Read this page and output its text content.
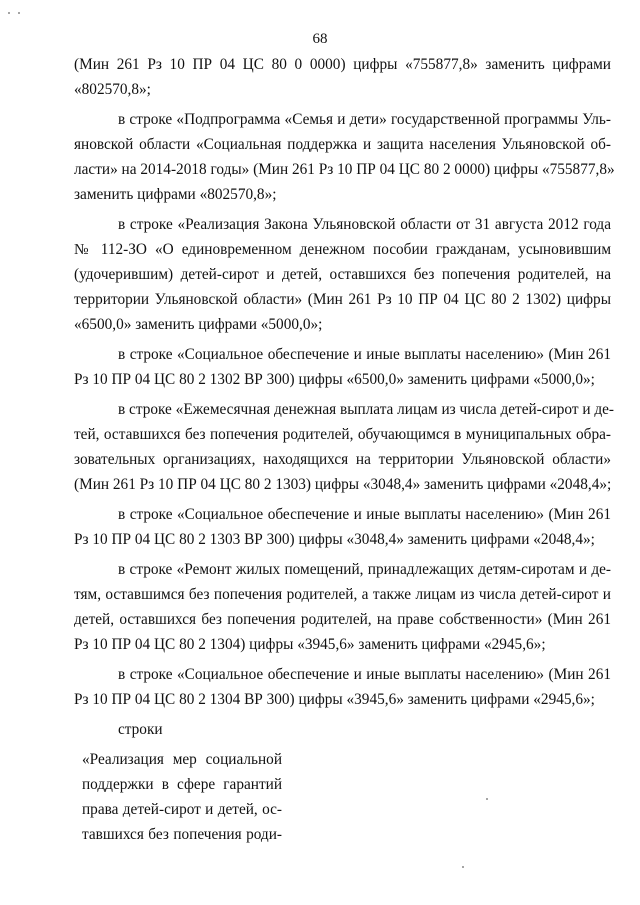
68
(Мин 261 Рз 10 ПР 04 ЦС 80 0 0000) цифры «755877,8» заменить цифрами
«802570,8»;
в строке «Подпрограмма «Семья и дети» государственной программы Уль-
яновской области «Социальная поддержка и защита населения Ульяновской об-
ласти» на 2014-2018 годы» (Мин 261 Рз 10 ПР 04 ЦС 80 2 0000) цифры «755877,8»
заменить цифрами «802570,8»;
в строке «Реализация Закона Ульяновской области от 31 августа 2012 года
№ 112-ЗО «О единовременном денежном пособии гражданам, усыновившим
(удочерившим) детей-сирот и детей, оставшихся без попечения родителей, на
территории Ульяновской области» (Мин 261 Рз 10 ПР 04 ЦС 80 2 1302) цифры
«6500,0» заменить цифрами «5000,0»;
в строке «Социальное обеспечение и иные выплаты населению» (Мин 261
Рз 10 ПР 04 ЦС 80 2 1302 ВР 300) цифры «6500,0» заменить цифрами «5000,0»;
в строке «Ежемесячная денежная выплата лицам из числа детей-сирот и де-
тей, оставшихся без попечения родителей, обучающимся в муниципальных обра-
зовательных организациях, находящихся на территории Ульяновской области»
(Мин 261 Рз 10 ПР 04 ЦС 80 2 1303) цифры «3048,4» заменить цифрами «2048,4»;
в строке «Социальное обеспечение и иные выплаты населению» (Мин 261
Рз 10 ПР 04 ЦС 80 2 1303 ВР 300) цифры «3048,4» заменить цифрами «2048,4»;
в строке «Ремонт жилых помещений, принадлежащих детям-сиротам и де-
тям, оставшимся без попечения родителей, а также лицам из числа детей-сирот и
детей, оставшихся без попечения родителей, на праве собственности» (Мин 261
Рз 10 ПР 04 ЦС 80 2 1304) цифры «3945,6» заменить цифрами «2945,6»;
в строке «Социальное обеспечение и иные выплаты населению» (Мин 261
Рз 10 ПР 04 ЦС 80 2 1304 ВР 300) цифры «3945,6» заменить цифрами «2945,6»;
строки
«Реализация мер социальной
поддержки в сфере гарантий
права детей-сирот и детей, ос-
тавшихся без попечения роди-
